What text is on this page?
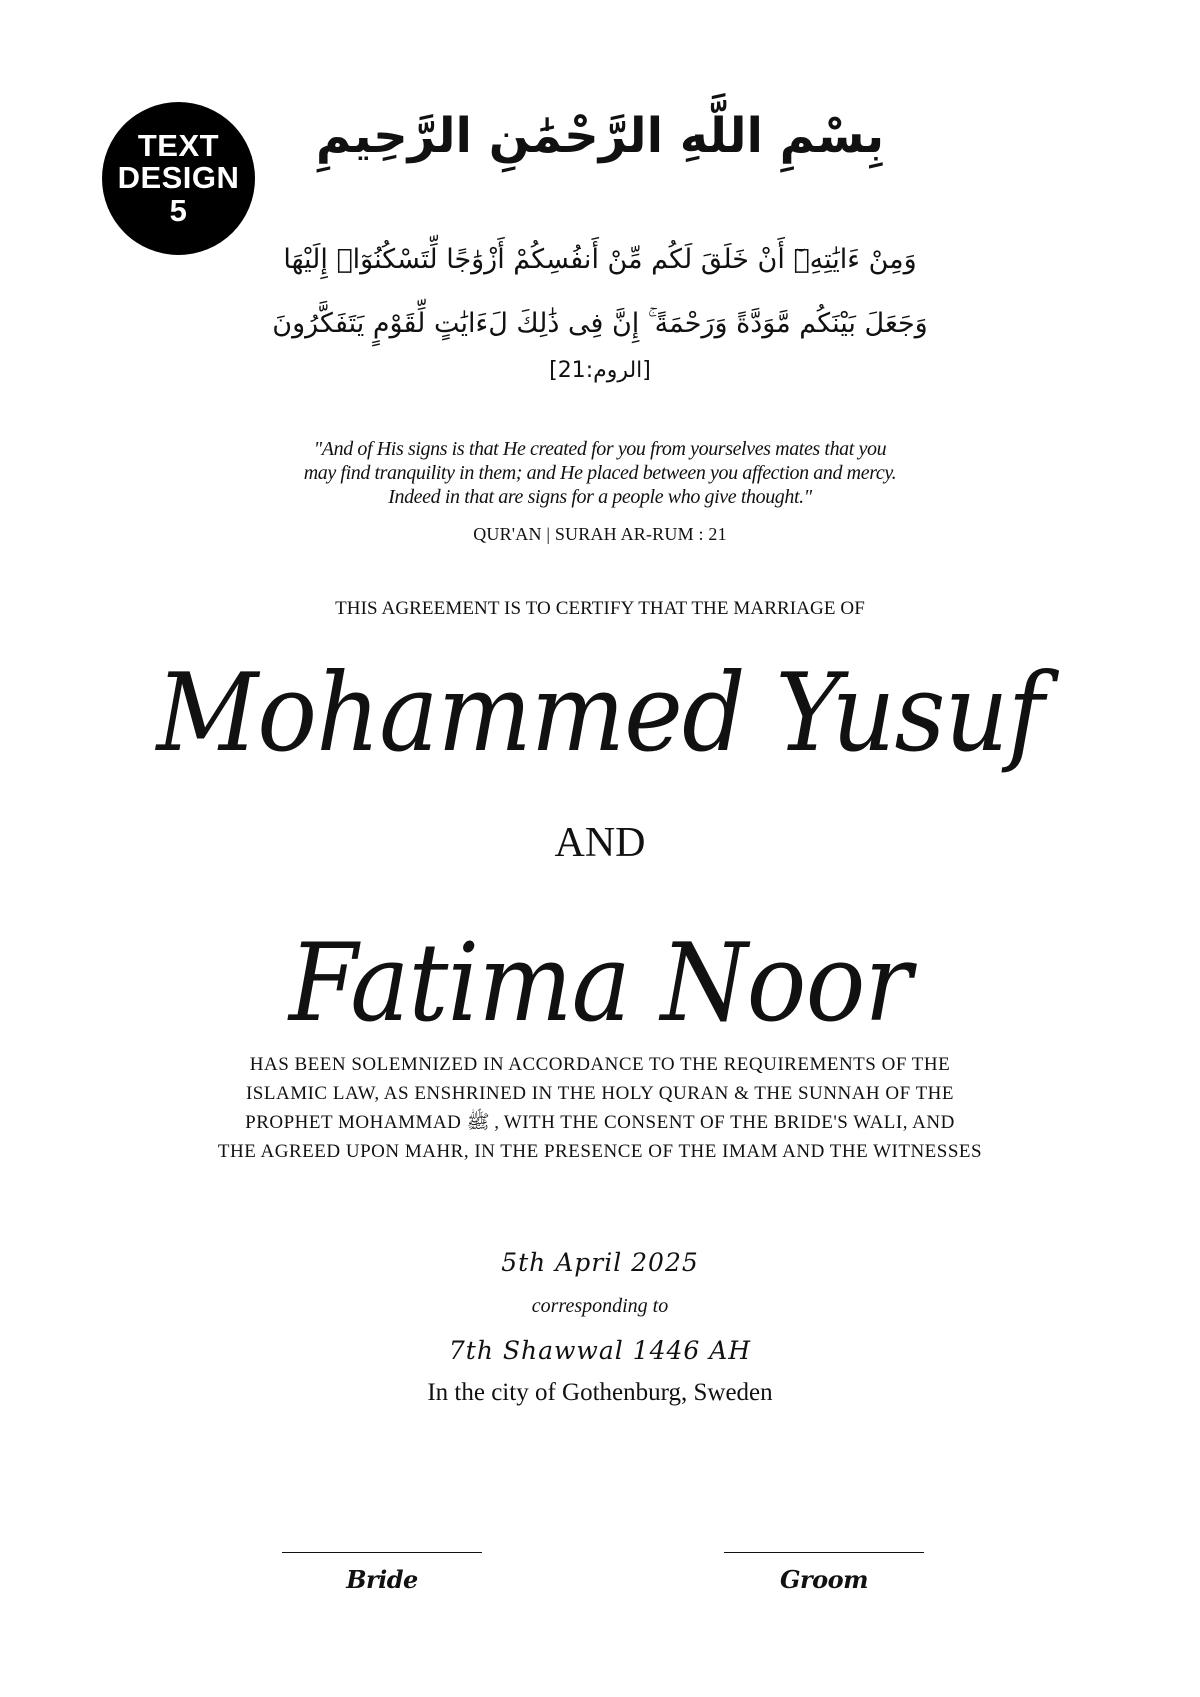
TEXT
DESIGN
5
بِسْمِ اللَّهِ الرَّحْمَٰنِ الرَّحِيمِ
وَمِنْ ءَايَٰتِهِۦٓ أَنْ خَلَقَ لَكُم مِّنْ أَنفُسِكُمْ أَزْوَٰجًا لِّتَسْكُنُوٓا۟ إِلَيْهَا
وَجَعَلَ بَيْنَكُم مَّوَدَّةً وَرَحْمَةً ۚ إِنَّ فِى ذَٰلِكَ لَءَايَٰتٍ لِّقَوْمٍ يَتَفَكَّرُونَ
[الروم:21]
"And of His signs is that He created for you from yourselves mates that you
may find tranquility in them; and He placed between you affection and mercy.
Indeed in that are signs for a people who give thought."
QUR'AN | SURAH AR-RUM : 21
THIS AGREEMENT IS TO CERTIFY THAT THE MARRIAGE OF
Mohammed Yusuf
AND
Fatima Noor
HAS BEEN SOLEMNIZED IN ACCORDANCE TO THE REQUIREMENTS OF THE
ISLAMIC LAW, AS ENSHRINED IN THE HOLY QURAN & THE SUNNAH OF THE
PROPHET MOHAMMAD ﷺ , WITH THE CONSENT OF THE BRIDE'S WALI, AND
THE AGREED UPON MAHR, IN THE PRESENCE OF THE IMAM AND THE WITNESSES
5th April 2025
corresponding to
7th Shawwal 1446 AH
In the city of Gothenburg, Sweden
Bride	Groom
